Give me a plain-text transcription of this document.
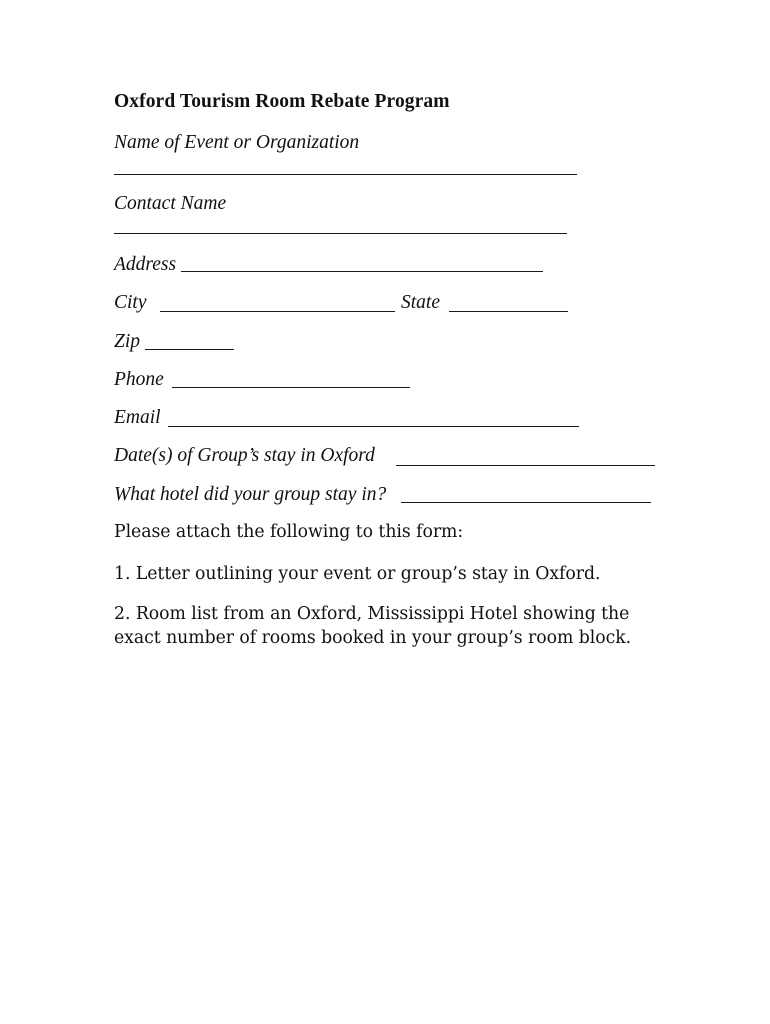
Oxford Tourism Room Rebate Program
Name of Event or Organization
Contact Name
Address
City	State
Zip
Phone
Email
Date(s) of Group’s stay in Oxford
What hotel did your group stay in?
Please attach the following to this form:
1. Letter outlining your event or group’s stay in Oxford.
2. Room list from an Oxford, Mississippi Hotel showing the
exact number of rooms booked in your group’s room block.
